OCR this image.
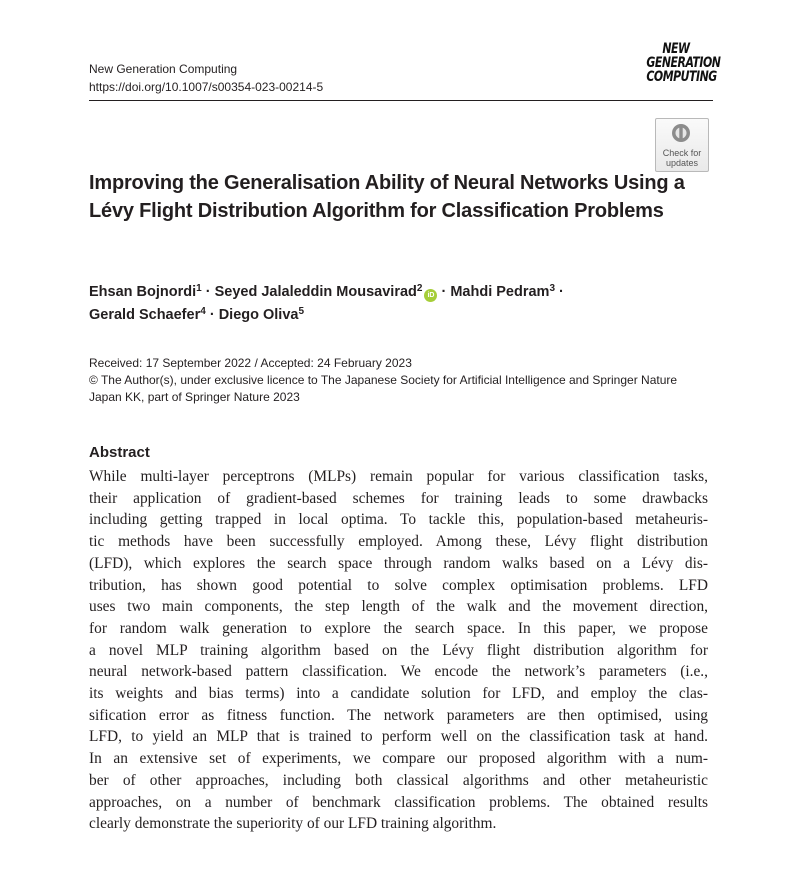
New Generation Computing
https://doi.org/10.1007/s00354-023-00214-5
NEW
GENERATION
COMPUTING
Check for
updates
Improving the Generalisation Ability of Neural Networks Using a Lévy Flight Distribution Algorithm for Classification Problems
Ehsan Bojnordi$^1$ · Seyed Jalaleddin Mousavirad$^2$iD · Mahdi Pedram$^3$ ·
Gerald Schaefer$^4$ · Diego Oliva$^5$
Received: 17 September 2022 / Accepted: 24 February 2023
© The Author(s), under exclusive licence to The Japanese Society for Artificial Intelligence and Springer Nature
Japan KK, part of Springer Nature 2023
Abstract
While multi-layer perceptrons (MLPs) remain popular for various classification tasks,
their application of gradient-based schemes for training leads to some drawbacks
including getting trapped in local optima. To tackle this, population-based metaheuris-
tic methods have been successfully employed. Among these, Lévy flight distribution
(LFD), which explores the search space through random walks based on a Lévy dis-
tribution, has shown good potential to solve complex optimisation problems. LFD
uses two main components, the step length of the walk and the movement direction,
for random walk generation to explore the search space. In this paper, we propose
a novel MLP training algorithm based on the Lévy flight distribution algorithm for
neural network-based pattern classification. We encode the network’s parameters (i.e.,
its weights and bias terms) into a candidate solution for LFD, and employ the clas-
sification error as fitness function. The network parameters are then optimised, using
LFD, to yield an MLP that is trained to perform well on the classification task at hand.
In an extensive set of experiments, we compare our proposed algorithm with a num-
ber of other approaches, including both classical algorithms and other metaheuristic
approaches, on a number of benchmark classification problems. The obtained results
clearly demonstrate the superiority of our LFD training algorithm.
